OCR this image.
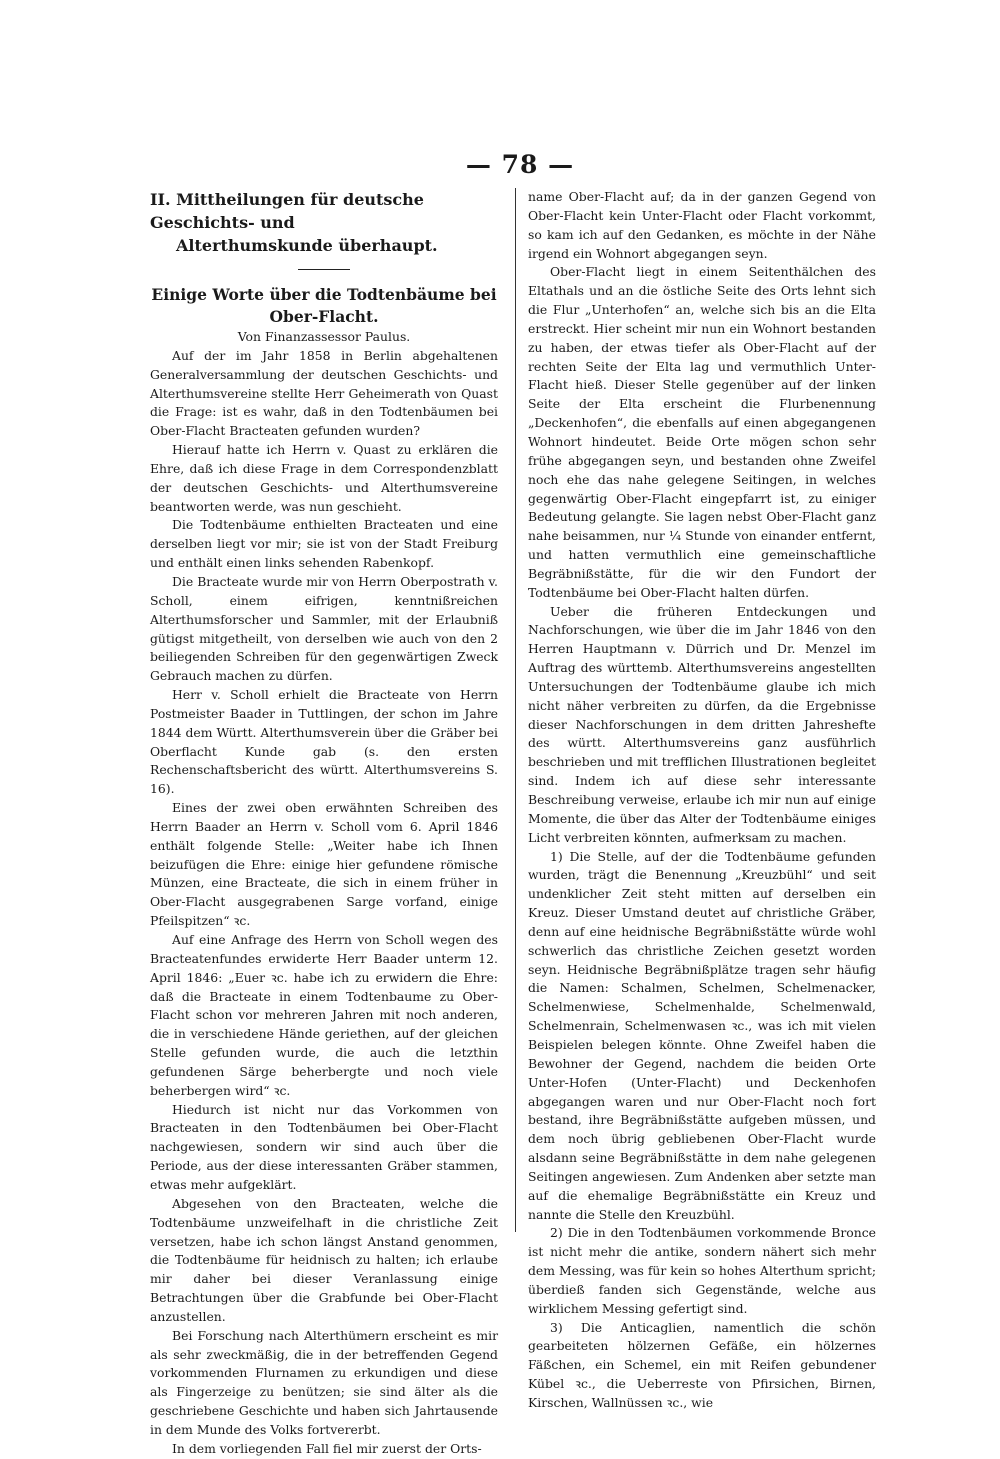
— 78 —
II. Mittheilungen für deutsche Geschichts- und
Alterthumskunde überhaupt.

Einige Worte über die Todtenbäume bei

Ober-Flacht.

Von Finanzassessor Paulus.

Auf der im Jahr 1858 in Berlin abgehaltenen Generalversammlung der deutschen Geschichts- und Alterthumsvereine stellte Herr Geheimerath von Quast die Frage: ist es wahr, daß in den Todtenbäumen bei Ober-Flacht Bracteaten gefunden wurden?

Hierauf hatte ich Herrn v. Quast zu erklären die Ehre, daß ich diese Frage in dem Correspondenzblatt der deutschen Geschichts- und Alterthumsvereine beantworten werde, was nun geschieht.

Die Todtenbäume enthielten Bracteaten und eine derselben liegt vor mir; sie ist von der Stadt Freiburg und enthält einen links sehenden Rabenkopf.

Die Bracteate wurde mir von Herrn Oberpostrath v. Scholl, einem eifrigen, kenntnißreichen Alterthumsforscher und Sammler, mit der Erlaubniß gütigst mitgetheilt, von derselben wie auch von den 2 beiliegenden Schreiben für den gegenwärtigen Zweck Gebrauch machen zu dürfen.

Herr v. Scholl erhielt die Bracteate von Herrn Postmeister Baader in Tuttlingen, der schon im Jahre 1844 dem Württ. Alterthumsverein über die Gräber bei Oberflacht Kunde gab (s. den ersten Rechenschaftsbericht des württ. Alterthumsvereins S. 16).

Eines der zwei oben erwähnten Schreiben des Herrn Baader an Herrn v. Scholl vom 6. April 1846 enthält folgende Stelle: „Weiter habe ich Ihnen beizufügen die Ehre: einige hier gefundene römische Münzen, eine Bracteate, die sich in einem früher in Ober-Flacht ausgegrabenen Sarge vorfand, einige Pfeilspitzen“ ꝛc.

Auf eine Anfrage des Herrn von Scholl wegen des Bracteatenfundes erwiderte Herr Baader unterm 12. April 1846: „Euer ꝛc. habe ich zu erwidern die Ehre: daß die Bracteate in einem Todtenbaume zu Ober-Flacht schon vor mehreren Jahren mit noch anderen, die in verschiedene Hände geriethen, auf der gleichen Stelle gefunden wurde, die auch die letzthin gefundenen Särge beherbergte und noch viele beherbergen wird“ ꝛc.

Hiedurch ist nicht nur das Vorkommen von Bracteaten in den Todtenbäumen bei Ober-Flacht nachgewiesen, sondern wir sind auch über die Periode, aus der diese interessanten Gräber stammen, etwas mehr aufgeklärt.

Abgesehen von den Bracteaten, welche die Todtenbäume unzweifelhaft in die christliche Zeit versetzen, habe ich schon längst Anstand genommen, die Todtenbäume für heidnisch zu halten; ich erlaube mir daher bei dieser Veranlassung einige Betrachtungen über die Grabfunde bei Ober-Flacht anzustellen.

Bei Forschung nach Alterthümern erscheint es mir als sehr zweckmäßig, die in der betreffenden Gegend vorkommenden Flurnamen zu erkundigen und diese als Fingerzeige zu benützen; sie sind älter als die geschriebene Geschichte und haben sich Jahrtausende in dem Munde des Volks fortvererbt.

In dem vorliegenden Fall fiel mir zuerst der Orts-

name Ober-Flacht auf; da in der ganzen Gegend von Ober-Flacht kein Unter-Flacht oder Flacht vorkommt, so kam ich auf den Gedanken, es möchte in der Nähe irgend ein Wohnort abgegangen seyn.

Ober-Flacht liegt in einem Seitenthälchen des Eltathals und an die östliche Seite des Orts lehnt sich die Flur „Unterhofen“ an, welche sich bis an die Elta erstreckt. Hier scheint mir nun ein Wohnort bestanden zu haben, der etwas tiefer als Ober-Flacht auf der rechten Seite der Elta lag und vermuthlich Unter-Flacht hieß. Dieser Stelle gegenüber auf der linken Seite der Elta erscheint die Flurbenennung „Deckenhofen“, die ebenfalls auf einen abgegangenen Wohnort hindeutet. Beide Orte mögen schon sehr frühe abgegangen seyn, und bestanden ohne Zweifel noch ehe das nahe gelegene Seitingen, in welches gegenwärtig Ober-Flacht eingepfarrt ist, zu einiger Bedeutung gelangte. Sie lagen nebst Ober-Flacht ganz nahe beisammen, nur ¼ Stunde von einander entfernt, und hatten vermuthlich eine gemeinschaftliche Begräbnißstätte, für die wir den Fundort der Todtenbäume bei Ober-Flacht halten dürfen.

Ueber die früheren Entdeckungen und Nachforschungen, wie über die im Jahr 1846 von den Herren Hauptmann v. Dürrich und Dr. Menzel im Auftrag des württemb. Alterthumsvereins angestellten Untersuchungen der Todtenbäume glaube ich mich nicht näher verbreiten zu dürfen, da die Ergebnisse dieser Nachforschungen in dem dritten Jahreshefte des württ. Alterthumsvereins ganz ausführlich beschrieben und mit trefflichen Illustrationen begleitet sind. Indem ich auf diese sehr interessante Beschreibung verweise, erlaube ich mir nun auf einige Momente, die über das Alter der Todtenbäume einiges Licht verbreiten könnten, aufmerksam zu machen.

1) Die Stelle, auf der die Todtenbäume gefunden wurden, trägt die Benennung „Kreuzbühl“ und seit undenklicher Zeit steht mitten auf derselben ein Kreuz. Dieser Umstand deutet auf christliche Gräber, denn auf eine heidnische Begräbnißstätte würde wohl schwerlich das christliche Zeichen gesetzt worden seyn. Heidnische Begräbnißplätze tragen sehr häufig die Namen: Schalmen, Schelmen, Schelmenacker, Schelmenwiese, Schelmenhalde, Schelmenwald, Schelmenrain, Schelmenwasen ꝛc., was ich mit vielen Beispielen belegen könnte. Ohne Zweifel haben die Bewohner der Gegend, nachdem die beiden Orte Unter-Hofen (Unter-Flacht) und Deckenhofen abgegangen waren und nur Ober-Flacht noch fort bestand, ihre Begräbnißstätte aufgeben müssen, und dem noch übrig gebliebenen Ober-Flacht wurde alsdann seine Begräbnißstätte in dem nahe gelegenen Seitingen angewiesen. Zum Andenken aber setzte man auf die ehemalige Begräbnißstätte ein Kreuz und nannte die Stelle den Kreuzbühl.

2) Die in den Todtenbäumen vorkommende Bronce ist nicht mehr die antike, sondern nähert sich mehr dem Messing, was für kein so hohes Alterthum spricht; überdieß fanden sich Gegenstände, welche aus wirklichem Messing gefertigt sind.

3) Die Anticaglien, namentlich die schön gearbeiteten hölzernen Gefäße, ein hölzernes Fäßchen, ein Schemel, ein mit Reifen gebundener Kübel ꝛc., die Ueberreste von Pfirsichen, Birnen, Kirschen, Wallnüssen ꝛc., wie
